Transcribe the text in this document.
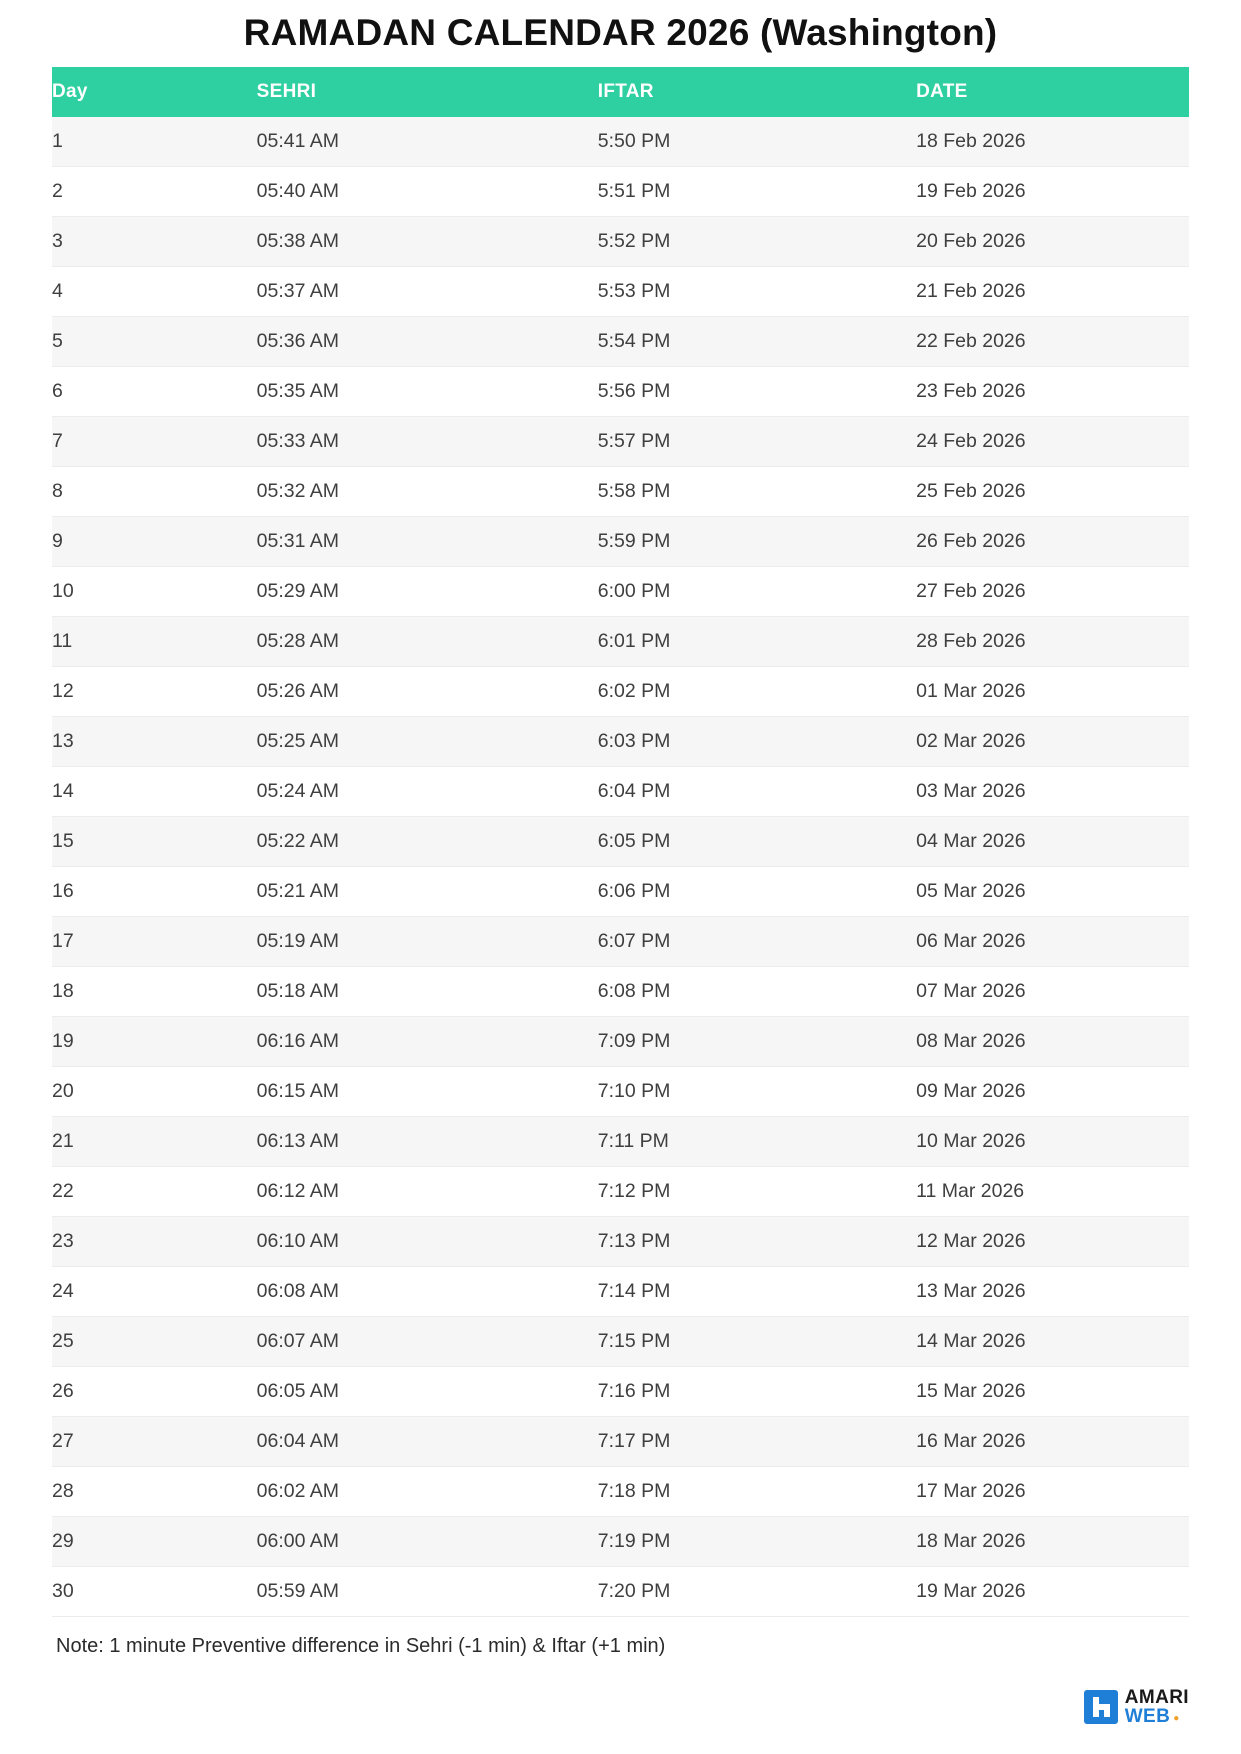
RAMADAN CALENDAR 2026 (Washington)
Day	SEHRI	IFTAR	DATE
1	05:41 AM	5:50 PM	18 Feb 2026
2	05:40 AM	5:51 PM	19 Feb 2026
3	05:38 AM	5:52 PM	20 Feb 2026
4	05:37 AM	5:53 PM	21 Feb 2026
5	05:36 AM	5:54 PM	22 Feb 2026
6	05:35 AM	5:56 PM	23 Feb 2026
7	05:33 AM	5:57 PM	24 Feb 2026
8	05:32 AM	5:58 PM	25 Feb 2026
9	05:31 AM	5:59 PM	26 Feb 2026
10	05:29 AM	6:00 PM	27 Feb 2026
11	05:28 AM	6:01 PM	28 Feb 2026
12	05:26 AM	6:02 PM	01 Mar 2026
13	05:25 AM	6:03 PM	02 Mar 2026
14	05:24 AM	6:04 PM	03 Mar 2026
15	05:22 AM	6:05 PM	04 Mar 2026
16	05:21 AM	6:06 PM	05 Mar 2026
17	05:19 AM	6:07 PM	06 Mar 2026
18	05:18 AM	6:08 PM	07 Mar 2026
19	06:16 AM	7:09 PM	08 Mar 2026
20	06:15 AM	7:10 PM	09 Mar 2026
21	06:13 AM	7:11 PM	10 Mar 2026
22	06:12 AM	7:12 PM	11 Mar 2026
23	06:10 AM	7:13 PM	12 Mar 2026
24	06:08 AM	7:14 PM	13 Mar 2026
25	06:07 AM	7:15 PM	14 Mar 2026
26	06:05 AM	7:16 PM	15 Mar 2026
27	06:04 AM	7:17 PM	16 Mar 2026
28	06:02 AM	7:18 PM	17 Mar 2026
29	06:00 AM	7:19 PM	18 Mar 2026
30	05:59 AM	7:20 PM	19 Mar 2026
Note: 1 minute Preventive difference in Sehri (-1 min) & Iftar (+1 min)
AMARI
WEB ●
